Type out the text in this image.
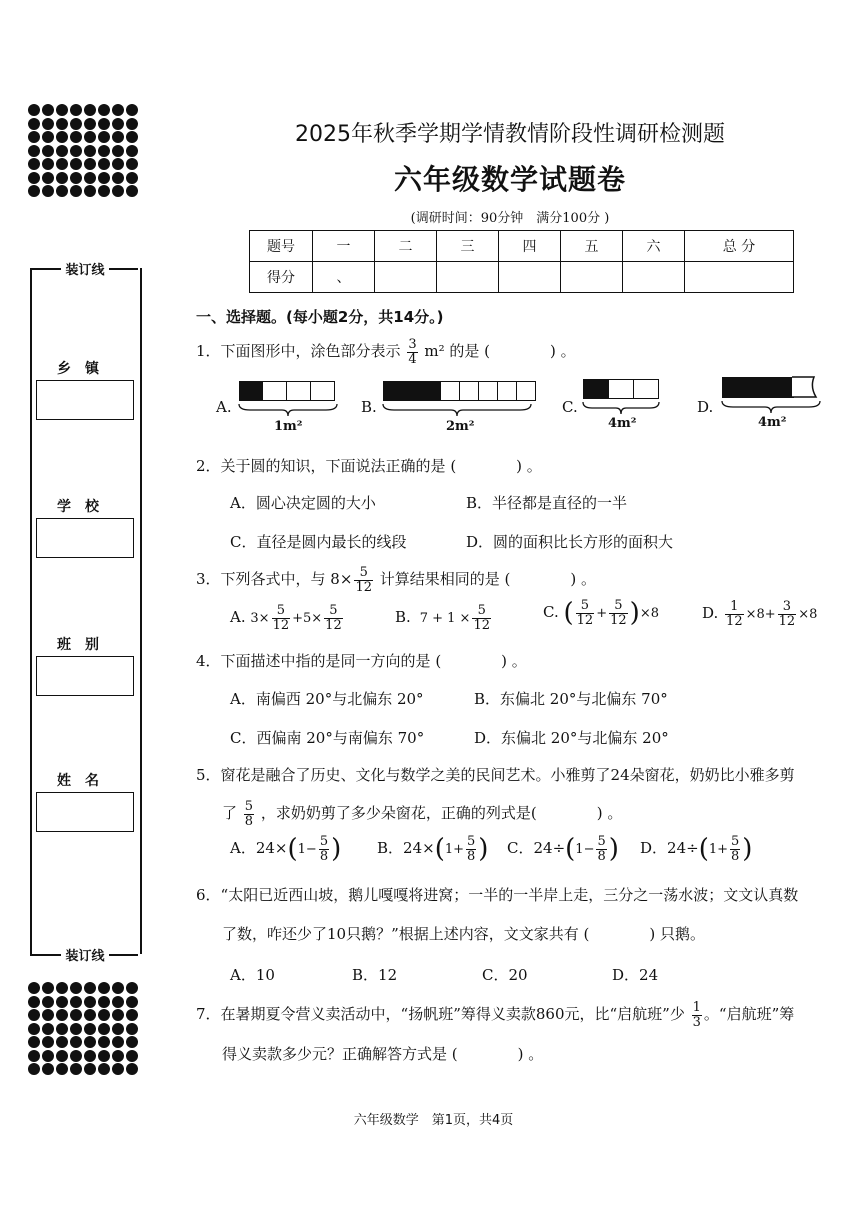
装订线
装订线
乡镇
学校
班别
姓名
2025年秋季学期学情教情阶段性调研检测题
六年级数学试题卷
(调研时间：90分钟　满分100分 )
题号	一	二	三	四	五	六	总 分
得分	、						
一、选择题。(每小题2分，共14分。)
1．下面图形中，涂色部分表示 $\frac{3}{4} m^2$ 的是 (　　　　) 。
A.
1m²
B.
2m²
C.
4m²
D.
4m²
2．关于圆的知识，下面说法正确的是 (　　　　) 。
A．圆心决定圆的大小	B．半径都是直径的一半
C．直径是圆内最长的线段	D．圆的面积比长方形的面积大
3．下列各式中，与 $8\times \frac{5}{12}$ 计算结果相同的是 (　　　　) 。
A. $3\times \frac{5}{12} +5\times \frac{5}{12}$	B.  $7 + 1 \times \frac{5}{12}$	C. ( $\frac{5}{12} + \frac{5}{12} )\times 8$	D. $\frac{1}{12} \times 8+ \frac{3}{12} \times 8$
4．下面描述中指的是同一方向的是 (　　　　) 。
A．南偏西 20°与北偏东 20°	B．东偏北 20°与北偏东 70°
C．西偏南 20°与南偏东 70°	D．东偏北 20°与北偏东 20°
5．窗花是融合了历史、文化与数学之美的民间艺术。小雅剪了24朵窗花，奶奶比小雅多剪
了 $\frac{5}{8}$ ，求奶奶剪了多少朵窗花，正确的列式是(　　　　) 。
A．$24\times(1- \frac{5}{8}$ ) B．$24\times(1+ \frac{5}{8}$ ) C．$24\div(1- \frac{5}{8}$ ) D．$24\div(1+ \frac{5}{8}$ )
6．“太阳已近西山坡，鹅儿嘎嘎将进窝；一半的一半岸上走，三分之一荡水波；文文认真数
了数，咋还少了10只鹅？”根据上述内容，文文家共有 (　　　　) 只鹅。
A．10	B．12	C．20	D．24
7．在暑期夏令营义卖活动中，“扬帆班”筹得义卖款860元，比“启航班”少 $\frac{1}{3}$ 。“启航班”筹
得义卖款多少元？正确解答方式是 (　　　　) 。
六年级数学　第1页，共4页
